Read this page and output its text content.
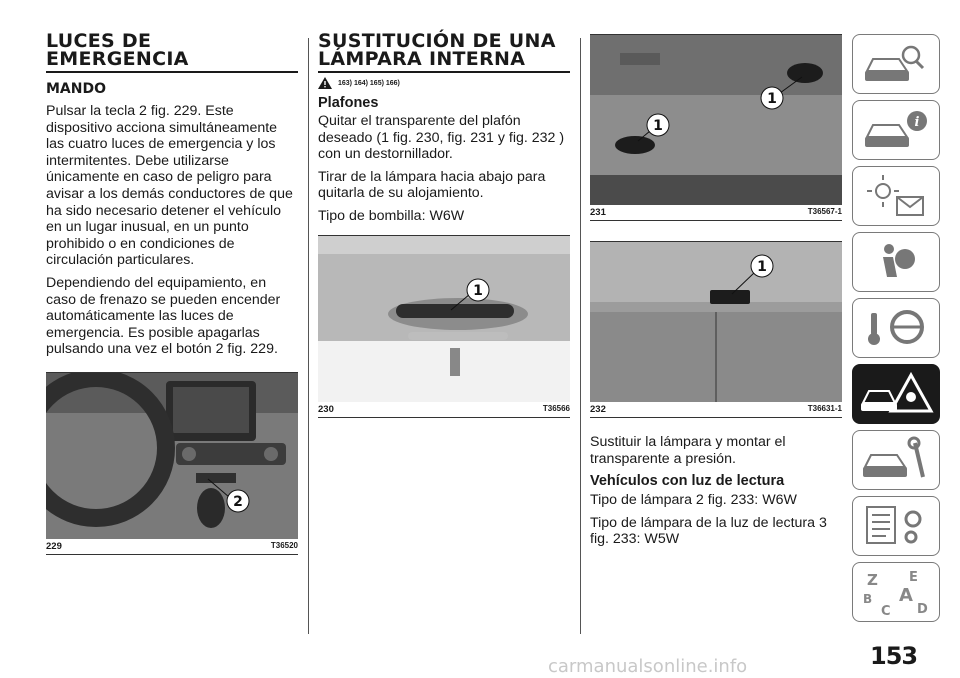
LUCES DE EMERGENCIA
MANDO

Pulsar la tecla 2 fig. 229. Este dispositivo acciona simultáneamente las cuatro luces de emergencia y los intermitentes. Debe utilizarse únicamente en caso de peligro para avisar a los demás conductores de que ha sido necesario detener el vehículo en un lugar inusual, en un punto prohibido o en condiciones de circulación particulares.

Dependiendo del equipamiento, en caso de frenazo se pueden encender automáticamente las luces de emergencia. Es posible apagarlas pulsando una vez el botón 2 fig. 229.

2
229	T36520
SUSTITUCIÓN DE UNA LÁMPARA INTERNA
163) 164) 165) 166)
Plafones

Quitar el transparente del plafón deseado (1 fig. 230, fig. 231 y fig. 232 ) con un destornillador.

Tirar de la lámpara hacia abajo para quitarla de su alojamiento.

Tipo de bombilla: W6W

1
230	T36566
1
1
231	T36567-1
1
232	T36631-1

Sustituir la lámpara y montar el transparente a presión.

Vehículos con luz de lectura

Tipo de lámpara 2 fig. 233: W6W

Tipo de lámpara de la luz de lectura 3 fig. 233: W5W

i
Z E
B A
C D
153
carmanualsonline.info
